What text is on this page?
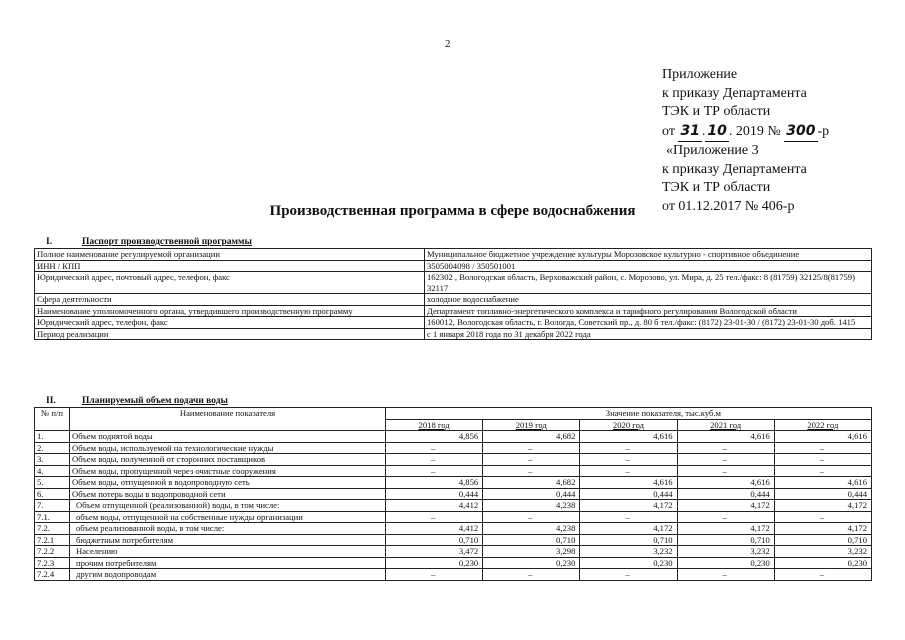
2
Приложение
к приказу Департамента
ТЭК и ТР области
от 31 . 10 . 2019 № 300 -р
«Приложение 3
к приказу Департамента
ТЭК и ТР области
от 01.12.2017 № 406-р
Производственная программа в сфере водоснабжения
I.	Паспорт производственной программы
Полное наименование регулируемой организации	Муниципальное бюджетное учреждение культуры Морозовское культурно - спортивное объединение
ИНН / КПП	3505004098 / 350501001
Юридический адрес, почтовый адрес, телефон, факс	162302 , Вологодская область, Верховажский район, с. Морозово, ул. Мира, д. 25 тел./факс: 8 (81759) 32125/8(81759) 32117
Сфера деятельности	холодное водоснабжение
Наименование уполномоченного органа, утвердившего производственную программу	Департамент топливно-энергетического комплекса и тарифного регулирования Вологодской области
Юридический адрес, телефон, факс	160012, Вологодская область, г. Вологда, Советский пр., д. 80 б тел./факс: (8172) 23-01-30 / (8172) 23-01-30 доб. 1415
Период реализации	с 1 января 2018 года по 31 декабря 2022 года
II.	Планируемый объем подачи воды
№ п/п	Наименование показателя	Значение показателя, тыс.куб.м				
		2018 год	2019 год	2020 год	2021 год	2022 год
1.	Объем поднятой воды	4,856	4,682	4,616	4,616	4,616
2.	Объем воды, используемой на технологические нужды	–	–	–	–	–
3.	Объем воды, полученной от сторонних поставщиков	–	–	–	–	–
4.	Объем воды, пропущенной через очистные сооружения	–	–	–	–	–
5.	Объем воды, отпущенной в водопроводную сеть	4,856	4,682	4,616	4,616	4,616
6.	Объем потерь воды в водопроводной сети	0,444	0,444	0,444	0,444	0,444
7.	Объем отпущенной (реализованной) воды, в том числе:	4,412	4,238	4,172	4,172	4,172
7.1.	объем воды, отпущенной на собственные нужды организации	–	–	–	–	–
7.2.	объем реализованной воды, в том числе:	4,412	4,238	4,172	4,172	4,172
7.2.1	бюджетным потребителям	0,710	0,710	0,710	0,710	0,710
7.2.2	Населению	3,472	3,298	3,232	3,232	3,232
7.2.3	прочим потребителям	0,230	0,230	0,230	0,230	0,230
7.2.4	другим водопроводам	–	–	–	–	–
